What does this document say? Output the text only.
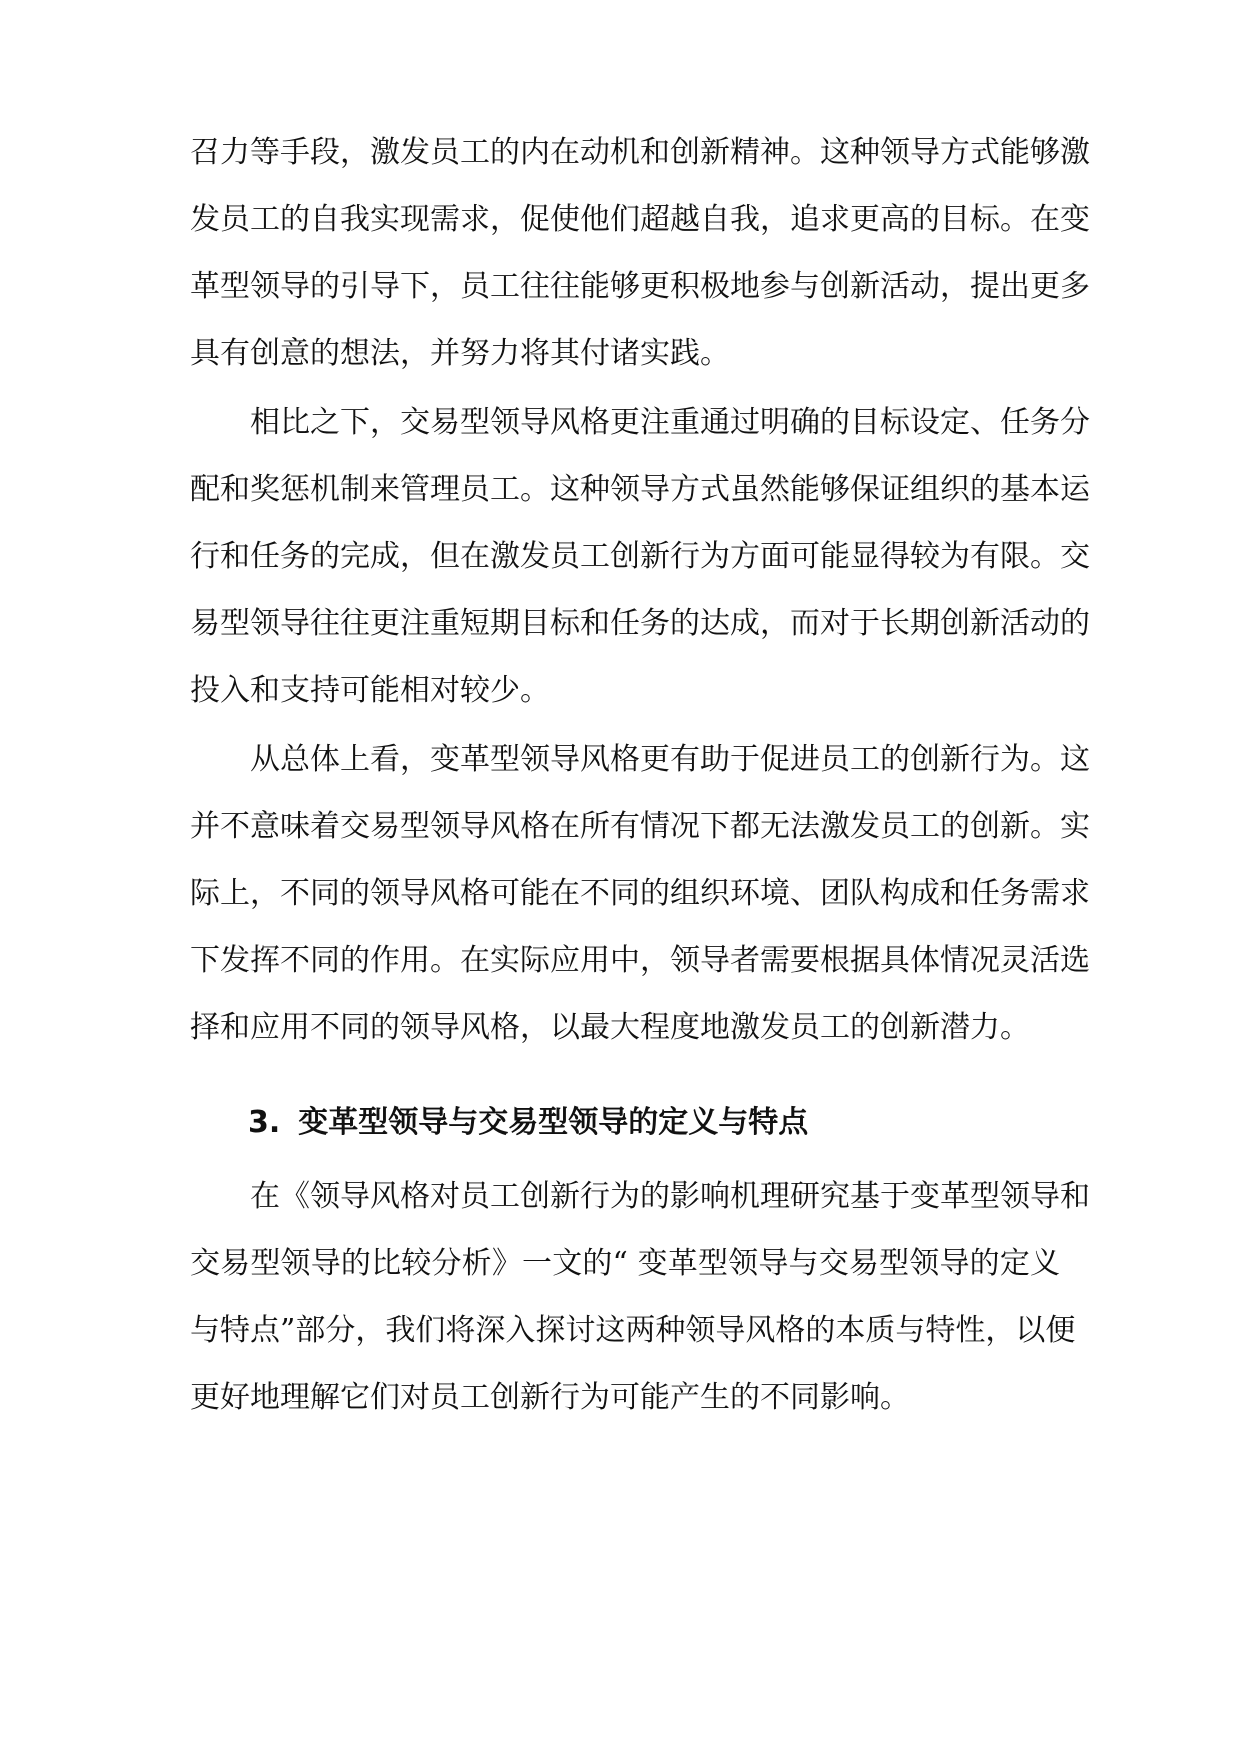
召力等手段，激发员工的内在动机和创新精神。这种领导方式能够激
发员工的自我实现需求，促使他们超越自我，追求更高的目标。在变
革型领导的引导下，员工往往能够更积极地参与创新活动，提出更多
具有创意的想法，并努力将其付诸实践。
相比之下，交易型领导风格更注重通过明确的目标设定、任务分
配和奖惩机制来管理员工。这种领导方式虽然能够保证组织的基本运
行和任务的完成，但在激发员工创新行为方面可能显得较为有限。交
易型领导往往更注重短期目标和任务的达成，而对于长期创新活动的
投入和支持可能相对较少。
从总体上看，变革型领导风格更有助于促进员工的创新行为。这
并不意味着交易型领导风格在所有情况下都无法激发员工的创新。实
际上，不同的领导风格可能在不同的组织环境、团队构成和任务需求
下发挥不同的作用。在实际应用中，领导者需要根据具体情况灵活选
择和应用不同的领导风格，以最大程度地激发员工的创新潜力。
3. 变革型领导与交易型领导的定义与特点
在《领导风格对员工创新行为的影响机理研究基于变革型领导和
交易型领导的比较分析》一文的“ 变革型领导与交易型领导的定义
与特点”部分，我们将深入探讨这两种领导风格的本质与特性，以便
更好地理解它们对员工创新行为可能产生的不同影响。
